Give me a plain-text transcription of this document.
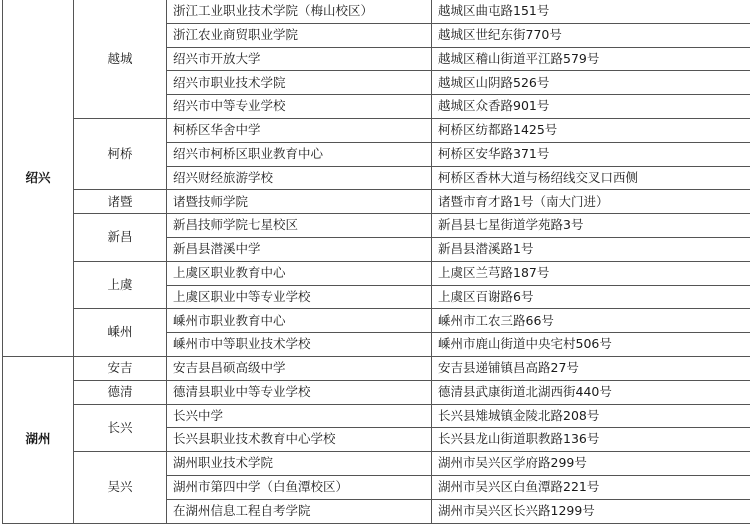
绍兴	越城	浙江工业职业技术学院（梅山校区）	越城区曲屯路151号
		浙江农业商贸职业学院	越城区世纪东街770号
		绍兴市开放大学	越城区稽山街道平江路579号
		绍兴市职业技术学院	越城区山阴路526号
		绍兴市中等专业学校	越城区众香路901号
	柯桥	柯桥区华舍中学	柯桥区纺都路1425号
		绍兴市柯桥区职业教育中心	柯桥区安华路371号
		绍兴财经旅游学校	柯桥区香林大道与杨绍线交叉口西侧
	诸暨	诸暨技师学院	诸暨市育才路1号（南大门进）
	新昌	新昌技师学院七星校区	新昌县七星街道学苑路3号
		新昌县潜溪中学	新昌县潜溪路1号
	上虞	上虞区职业教育中心	上虞区兰芎路187号
		上虞区职业中等专业学校	上虞区百谢路6号
	嵊州	嵊州市职业教育中心	嵊州市工农三路66号
		嵊州市中等职业技术学校	嵊州市鹿山街道中央宅村506号
湖州	安吉	安吉县昌硕高级中学	安吉县递铺镇昌高路27号
	德清	德清县职业中等专业学校	德清县武康街道北湖西街440号
	长兴	长兴中学	长兴县雉城镇金陵北路208号
		长兴县职业技术教育中心学校	长兴县龙山街道职教路136号
	吴兴	湖州职业技术学院	湖州市吴兴区学府路299号
		湖州市第四中学（白鱼潭校区）	湖州市吴兴区白鱼潭路221号
		在湖州信息工程自考学院	湖州市吴兴区长兴路1299号
